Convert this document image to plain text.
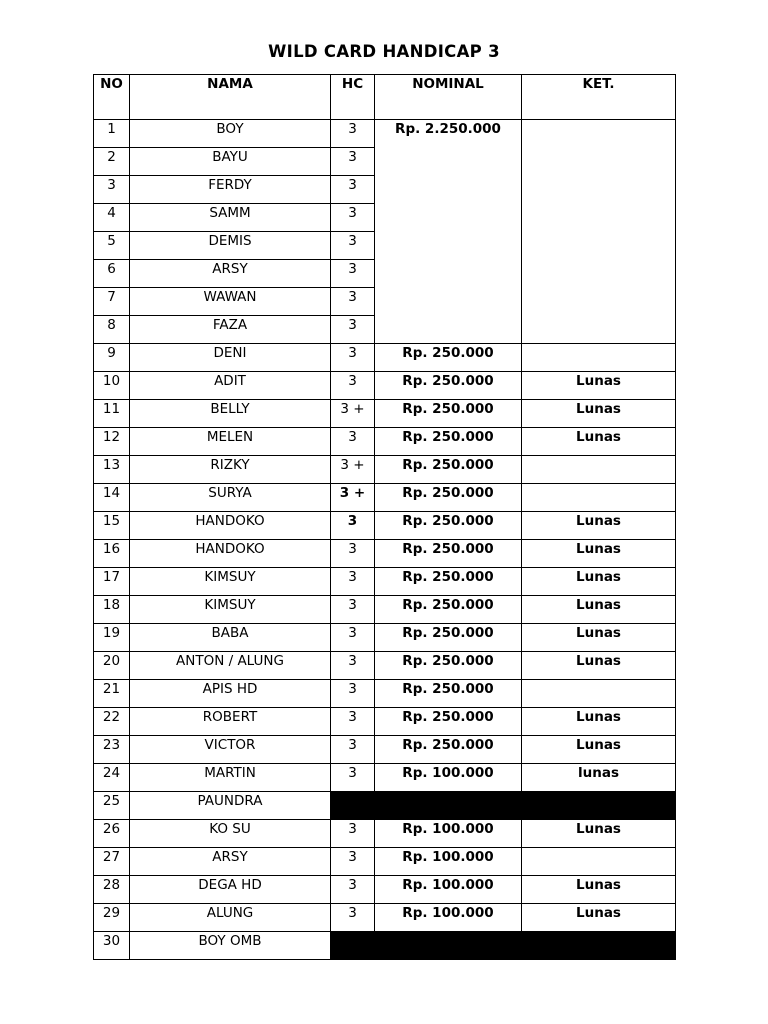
WILD CARD HANDICAP 3
NO	NAMA	HC	NOMINAL	KET.
1	BOY	3	Rp. 2.250.000	
2	BAYU	3		
3	FERDY	3		
4	SAMM	3		
5	DEMIS	3		
6	ARSY	3		
7	WAWAN	3		
8	FAZA	3		
9	DENI	3	Rp. 250.000	
10	ADIT	3	Rp. 250.000	Lunas
11	BELLY	3 +	Rp. 250.000	Lunas
12	MELEN	3	Rp. 250.000	Lunas
13	RIZKY	3 +	Rp. 250.000	
14	SURYA	3 +	Rp. 250.000	
15	HANDOKO	3	Rp. 250.000	Lunas
16	HANDOKO	3	Rp. 250.000	Lunas
17	KIMSUY	3	Rp. 250.000	Lunas
18	KIMSUY	3	Rp. 250.000	Lunas
19	BABA	3	Rp. 250.000	Lunas
20	ANTON / ALUNG	3	Rp. 250.000	Lunas
21	APIS HD	3	Rp. 250.000	
22	ROBERT	3	Rp. 250.000	Lunas
23	VICTOR	3	Rp. 250.000	Lunas
24	MARTIN	3	Rp. 100.000	lunas
25	PAUNDRA			
26	KO SU	3	Rp. 100.000	Lunas
27	ARSY	3	Rp. 100.000	
28	DEGA HD	3	Rp. 100.000	Lunas
29	ALUNG	3	Rp. 100.000	Lunas
30	BOY OMB			
